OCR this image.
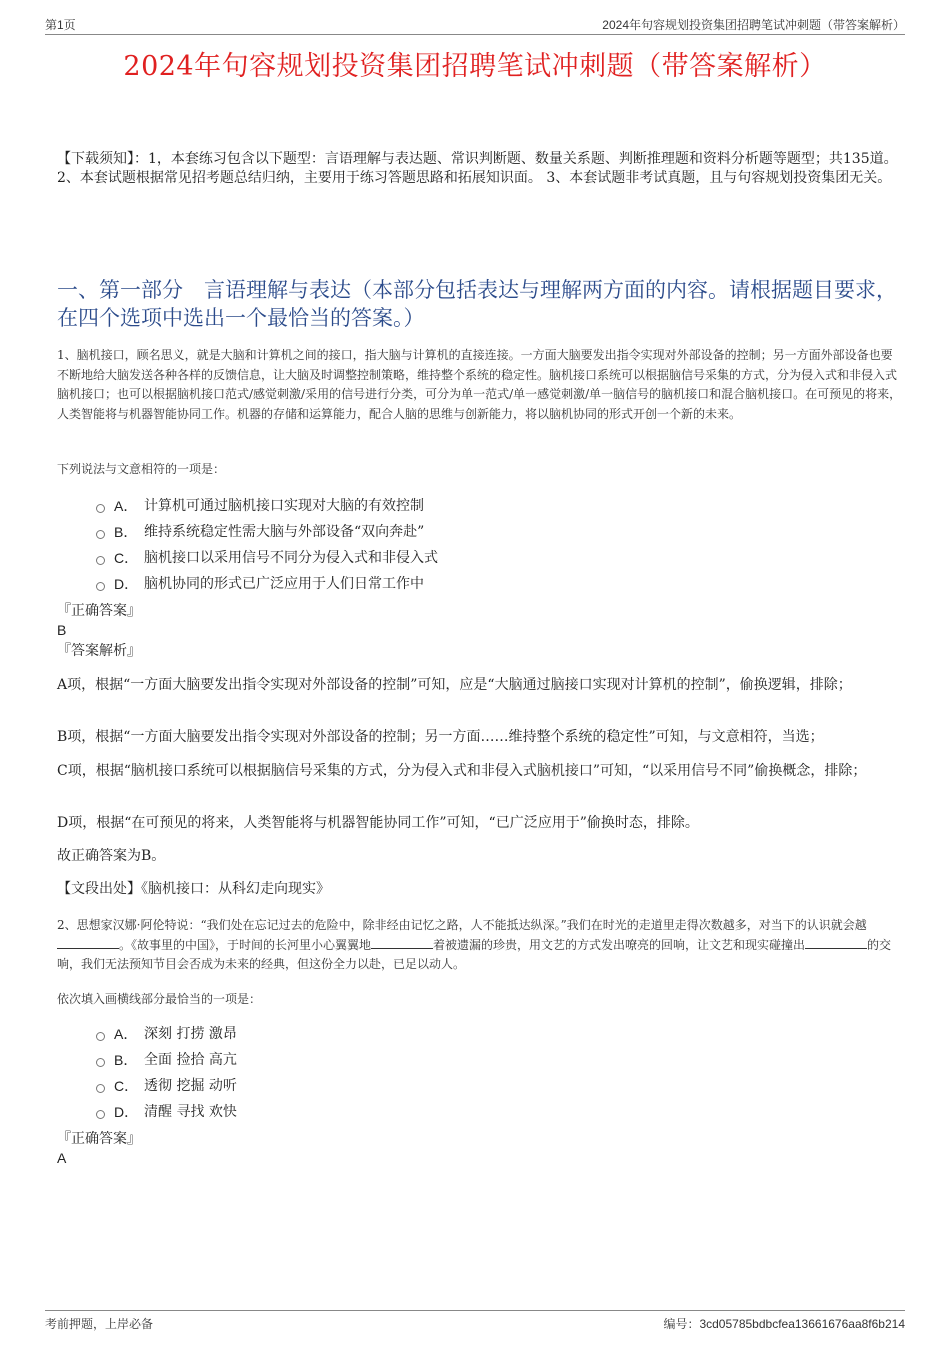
第1页	2024年句容规划投资集团招聘笔试冲刺题（带答案解析）
2024年句容规划投资集团招聘笔试冲刺题（带答案解析）
【下载须知】：1，本套练习包含以下题型：言语理解与表达题、常识判断题、数量关系题、判断推理题和资料分析题等题型；共135道。 2、本套试题根据常见招考题总结归纳，主要用于练习答题思路和拓展知识面。 3、本套试题非考试真题，且与句容规划投资集团无关。
一、第一部分　言语理解与表达（本部分包括表达与理解两方面的内容。请根据题目要求，在四个选项中选出一个最恰当的答案。）
1、脑机接口，顾名思义，就是大脑和计算机之间的接口，指大脑与计算机的直接连接。一方面大脑要发出指令实现对外部设备的控制；另一方面外部设备也要不断地给大脑发送各种各样的反馈信息，让大脑及时调整控制策略，维持整个系统的稳定性。脑机接口系统可以根据脑信号采集的方式，分为侵入式和非侵入式脑机接口；也可以根据脑机接口范式/感觉刺激/采用的信号进行分类，可分为单一范式/单一感觉刺激/单一脑信号的脑机接口和混合脑机接口。在可预见的将来，人类智能将与机器智能协同工作。机器的存储和运算能力，配合人脑的思维与创新能力，将以脑机协同的形式开创一个新的未来。
下列说法与文意相符的一项是：
A． 计算机可通过脑机接口实现对大脑的有效控制
B． 维持系统稳定性需大脑与外部设备“双向奔赴”
C． 脑机接口以采用信号不同分为侵入式和非侵入式
D． 脑机协同的形式已广泛应用于人们日常工作中
『正确答案』
B
『答案解析』
A项，根据“一方面大脑要发出指令实现对外部设备的控制”可知，应是“大脑通过脑接口实现对计算机的控制”，偷换逻辑，排除；
B项，根据“一方面大脑要发出指令实现对外部设备的控制；另一方面……维持整个系统的稳定性”可知，与文意相符，当选；
C项，根据“脑机接口系统可以根据脑信号采集的方式，分为侵入式和非侵入式脑机接口”可知，“以采用信号不同”偷换概念，排除；
D项，根据“在可预见的将来，人类智能将与机器智能协同工作”可知，“已广泛应用于”偷换时态，排除。
故正确答案为B。
【文段出处】《脑机接口：从科幻走向现实》
2、思想家汉娜·阿伦特说：“我们处在忘记过去的危险中，除非经由记忆之路，人不能抵达纵深。”我们在时光的走道里走得次数越多，对当下的认识就会越。《故事里的中国》，于时间的长河里小心翼翼地	着被遗漏的珍贵，用文艺的方式发出嘹亮的回响，让文艺和现实碰撞出	的交响，我们无法预知节目会否成为未来的经典，但这份全力以赴，已足以动人。
依次填入画横线部分最恰当的一项是：
A． 深刻 打捞 激昂
B． 全面 捡拾 高亢
C． 透彻 挖掘 动听
D． 清醒 寻找 欢快
『正确答案』
A
考前押题，上岸必备	编号：3cd05785bdbcfea13661676aa8f6b214
